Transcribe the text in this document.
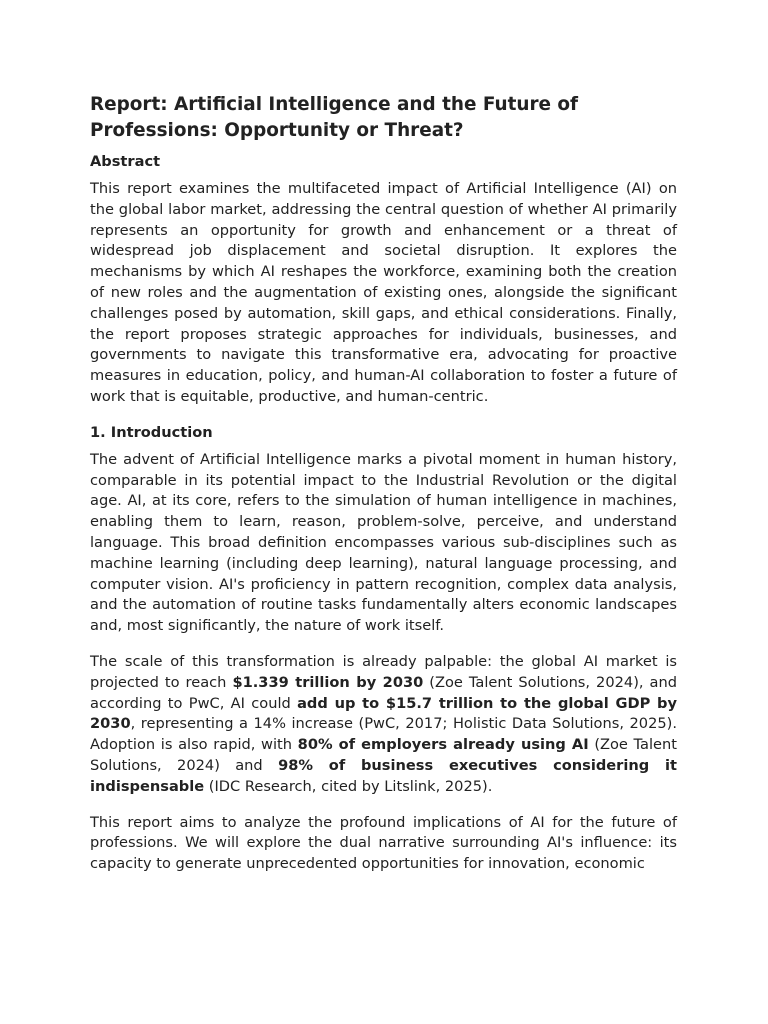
Report: Artificial Intelligence and the Future of Professions: Opportunity or Threat?
Abstract

This report examines the multifaceted impact of Artificial Intelligence (AI) on the global labor market, addressing the central question of whether AI primarily represents an opportunity for growth and enhancement or a threat of widespread job displacement and societal disruption. It explores the mechanisms by which AI reshapes the workforce, examining both the creation of new roles and the augmentation of existing ones, alongside the significant challenges posed by automation, skill gaps, and ethical considerations. Finally, the report proposes strategic approaches for individuals, businesses, and governments to navigate this transformative era, advocating for proactive measures in education, policy, and human-AI collaboration to foster a future of work that is equitable, productive, and human-centric.

1. Introduction

The advent of Artificial Intelligence marks a pivotal moment in human history, comparable in its potential impact to the Industrial Revolution or the digital age. AI, at its core, refers to the simulation of human intelligence in machines, enabling them to learn, reason, problem-solve, perceive, and understand language. This broad definition encompasses various sub-disciplines such as machine learning (including deep learning), natural language processing, and computer vision. AI's proficiency in pattern recognition, complex data analysis, and the automation of routine tasks fundamentally alters economic landscapes and, most significantly, the nature of work itself.

The scale of this transformation is already palpable: the global AI market is projected to reach $1.339 trillion by 2030 (Zoe Talent Solutions, 2024), and according to PwC, AI could add up to $15.7 trillion to the global GDP by 2030, representing a 14% increase (PwC, 2017; Holistic Data Solutions, 2025). Adoption is also rapid, with 80% of employers already using AI (Zoe Talent Solutions, 2024) and 98% of business executives considering it indispensable (IDC Research, cited by Litslink, 2025).

This report aims to analyze the profound implications of AI for the future of professions. We will explore the dual narrative surrounding AI's influence: its capacity to generate unprecedented opportunities for innovation, economic
